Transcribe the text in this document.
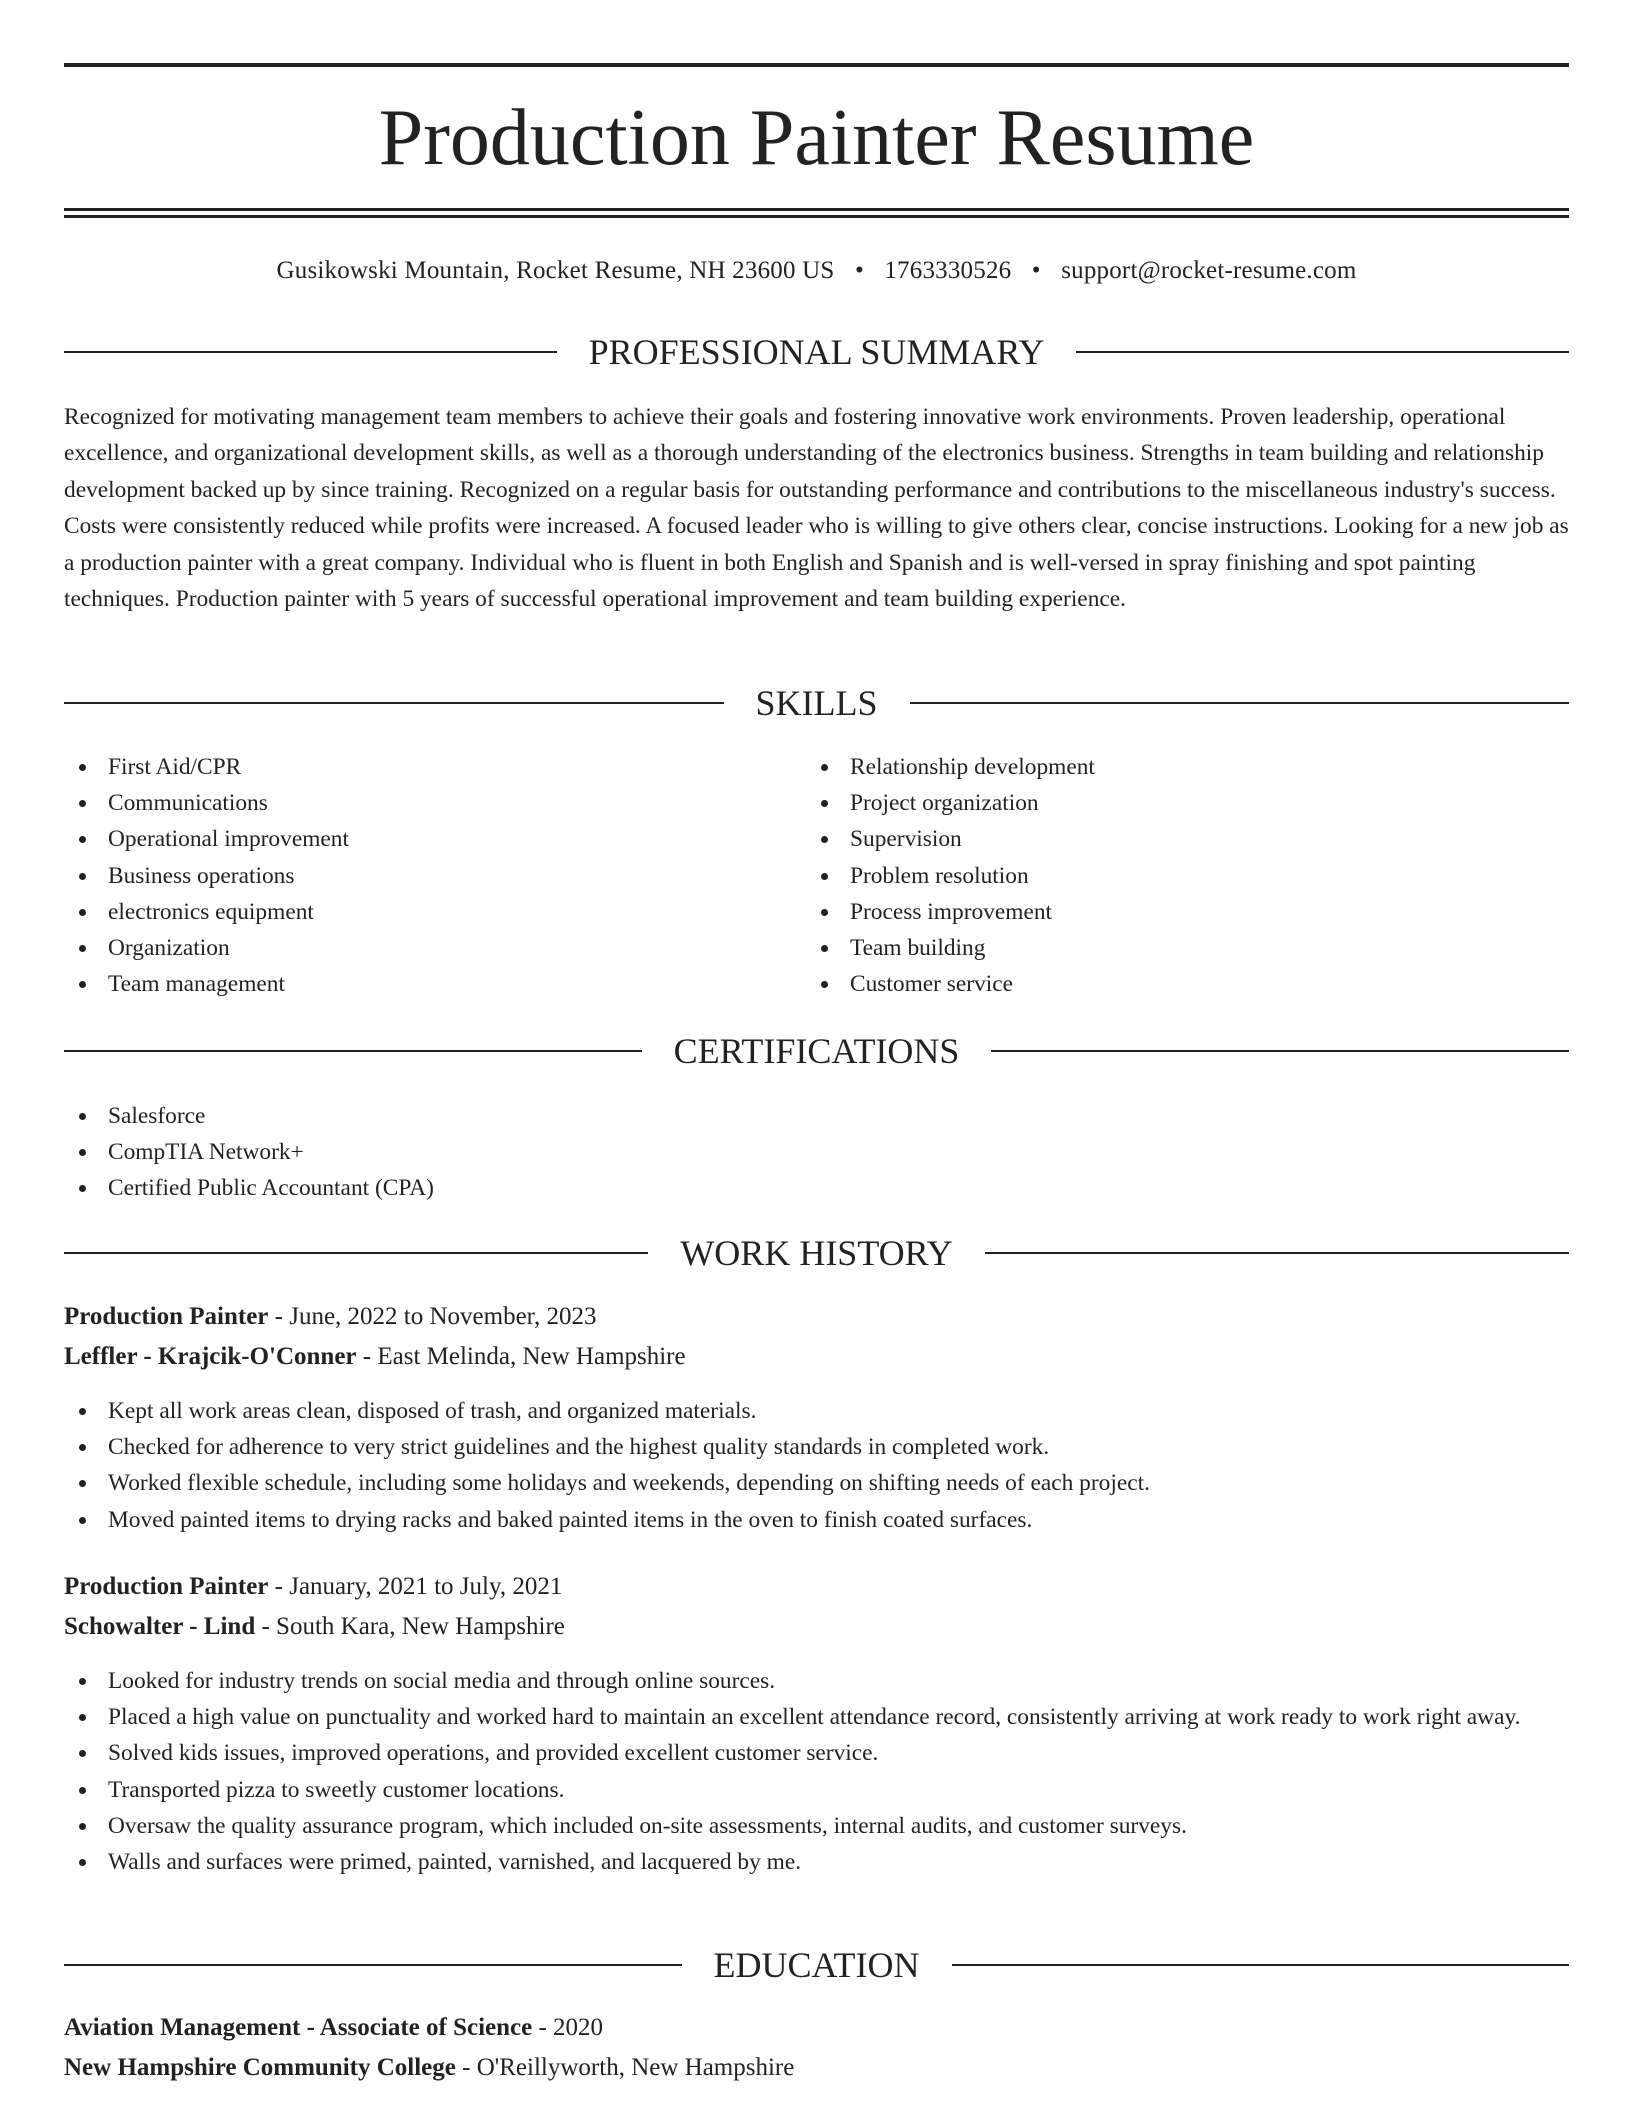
Production Painter Resume
Gusikowski Mountain, Rocket Resume, NH 23600 US • 1763330526 • support@rocket-resume.com
PROFESSIONAL SUMMARY

Recognized for motivating management team members to achieve their goals and fostering innovative work environments. Proven leadership, operational excellence, and organizational development skills, as well as a thorough understanding of the electronics business. Strengths in team building and relationship development backed up by since training. Recognized on a regular basis for outstanding performance and contributions to the miscellaneous industry's success. Costs were consistently reduced while profits were increased. A focused leader who is willing to give others clear, concise instructions. Looking for a new job as a production painter with a great company. Individual who is fluent in both English and Spanish and is well-versed in spray finishing and spot painting techniques. Production painter with 5 years of successful operational improvement and team building experience.

SKILLS
First Aid/CPR
Communications
Operational improvement
Business operations
electronics equipment
Organization
Team management
Relationship development
Project organization
Supervision
Problem resolution
Process improvement
Team building
Customer service
CERTIFICATIONS
Salesforce
CompTIA Network+
Certified Public Accountant (CPA)
WORK HISTORY
Production Painter - June, 2022 to November, 2023
Leffler - Krajcik-O'Conner - East Melinda, New Hampshire
Kept all work areas clean, disposed of trash, and organized materials.
Checked for adherence to very strict guidelines and the highest quality standards in completed work.
Worked flexible schedule, including some holidays and weekends, depending on shifting needs of each project.
Moved painted items to drying racks and baked painted items in the oven to finish coated surfaces.
Production Painter - January, 2021 to July, 2021
Schowalter - Lind - South Kara, New Hampshire
Looked for industry trends on social media and through online sources.
Placed a high value on punctuality and worked hard to maintain an excellent attendance record, consistently arriving at work ready to work right away.
Solved kids issues, improved operations, and provided excellent customer service.
Transported pizza to sweetly customer locations.
Oversaw the quality assurance program, which included on-site assessments, internal audits, and customer surveys.
Walls and surfaces were primed, painted, varnished, and lacquered by me.
EDUCATION
Aviation Management - Associate of Science - 2020
New Hampshire Community College - O'Reillyworth, New Hampshire
